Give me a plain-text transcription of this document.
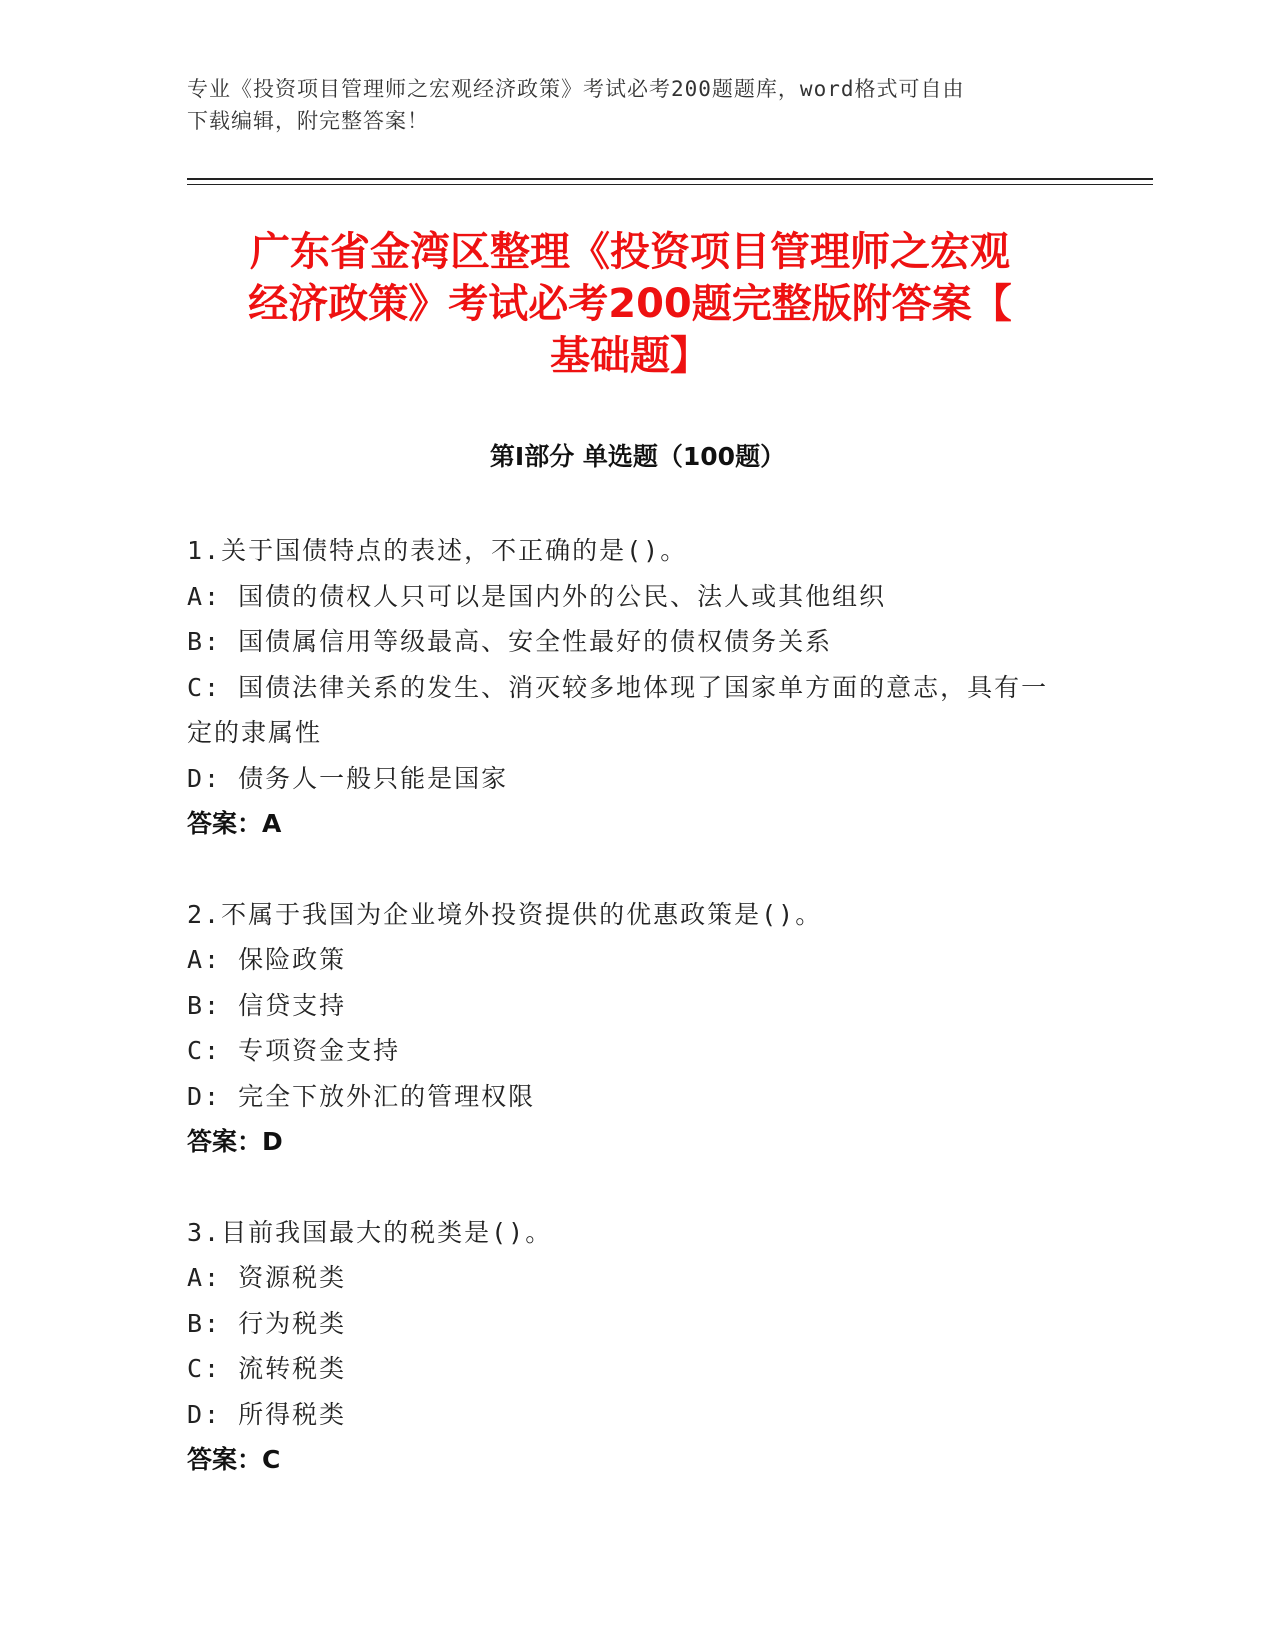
专业《投资项目管理师之宏观经济政策》考试必考200题题库，word格式可自由
下载编辑，附完整答案！
广东省金湾区整理《投资项目管理师之宏观
经济政策》考试必考200题完整版附答案【
基础题】
第Ⅰ部分 单选题（100题）
1.关于国债特点的表述，不正确的是()。
A: 国债的债权人只可以是国内外的公民、法人或其他组织
B: 国债属信用等级最高、安全性最好的债权债务关系
C: 国债法律关系的发生、消灭较多地体现了国家单方面的意志，具有一定的隶属性
D: 债务人一般只能是国家
答案：A
2.不属于我国为企业境外投资提供的优惠政策是()。
A: 保险政策
B: 信贷支持
C: 专项资金支持
D: 完全下放外汇的管理权限
答案：D
3.目前我国最大的税类是()。
A: 资源税类
B: 行为税类
C: 流转税类
D: 所得税类
答案：C
